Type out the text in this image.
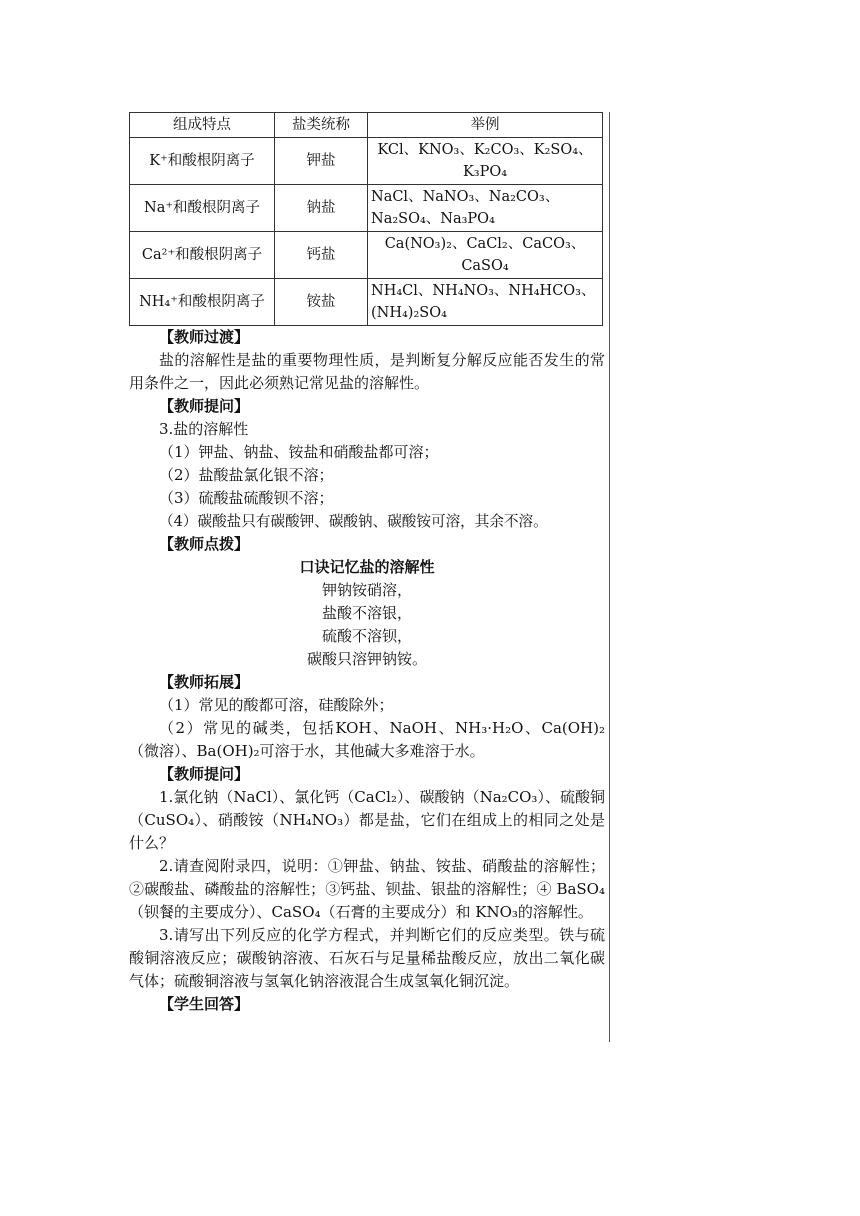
组成特点	盐类统称	举例
K⁺和酸根阴离子	钾盐	KCl、KNO₃、K₂CO₃、K₂SO₄、K₃PO₄
Na⁺和酸根阴离子	钠盐	NaCl、NaNO₃、Na₂CO₃、Na₂SO₄、Na₃PO₄
Ca²⁺和酸根阴离子	钙盐	Ca(NO₃)₂、CaCl₂、CaCO₃、CaSO₄
NH₄⁺和酸根阴离子	铵盐	NH₄Cl、NH₄NO₃、NH₄HCO₃、(NH₄)₂SO₄
【教师过渡】
盐的溶解性是盐的重要物理性质，是判断复分解反应能否发生的常用条件之一，因此必须熟记常见盐的溶解性。
【教师提问】
3.盐的溶解性
（1）钾盐、钠盐、铵盐和硝酸盐都可溶；
（2）盐酸盐氯化银不溶；
（3）硫酸盐硫酸钡不溶；
（4）碳酸盐只有碳酸钾、碳酸钠、碳酸铵可溶，其余不溶。
【教师点拨】
口诀记忆盐的溶解性
钾钠铵硝溶，
盐酸不溶银，
硫酸不溶钡，
碳酸只溶钾钠铵。
【教师拓展】
（1）常见的酸都可溶，硅酸除外；
（2）常见的碱类，包括KOH、NaOH、NH₃·H₂O、Ca(OH)₂（微溶）、Ba(OH)₂可溶于水，其他碱大多难溶于水。
【教师提问】
1.氯化钠（NaCl）、氯化钙（CaCl₂）、碳酸钠（Na₂CO₃）、硫酸铜（CuSO₄）、硝酸铵（NH₄NO₃）都是盐，它们在组成上的相同之处是什么？
2.请查阅附录四，说明：①钾盐、钠盐、铵盐、硝酸盐的溶解性；②碳酸盐、磷酸盐的溶解性；③钙盐、钡盐、银盐的溶解性；④ BaSO₄（钡餐的主要成分）、CaSO₄（石膏的主要成分）和 KNO₃的溶解性。
3.请写出下列反应的化学方程式，并判断它们的反应类型。铁与硫酸铜溶液反应；碳酸钠溶液、石灰石与足量稀盐酸反应，放出二氧化碳气体；硫酸铜溶液与氢氧化钠溶液混合生成氢氧化铜沉淀。
【学生回答】
